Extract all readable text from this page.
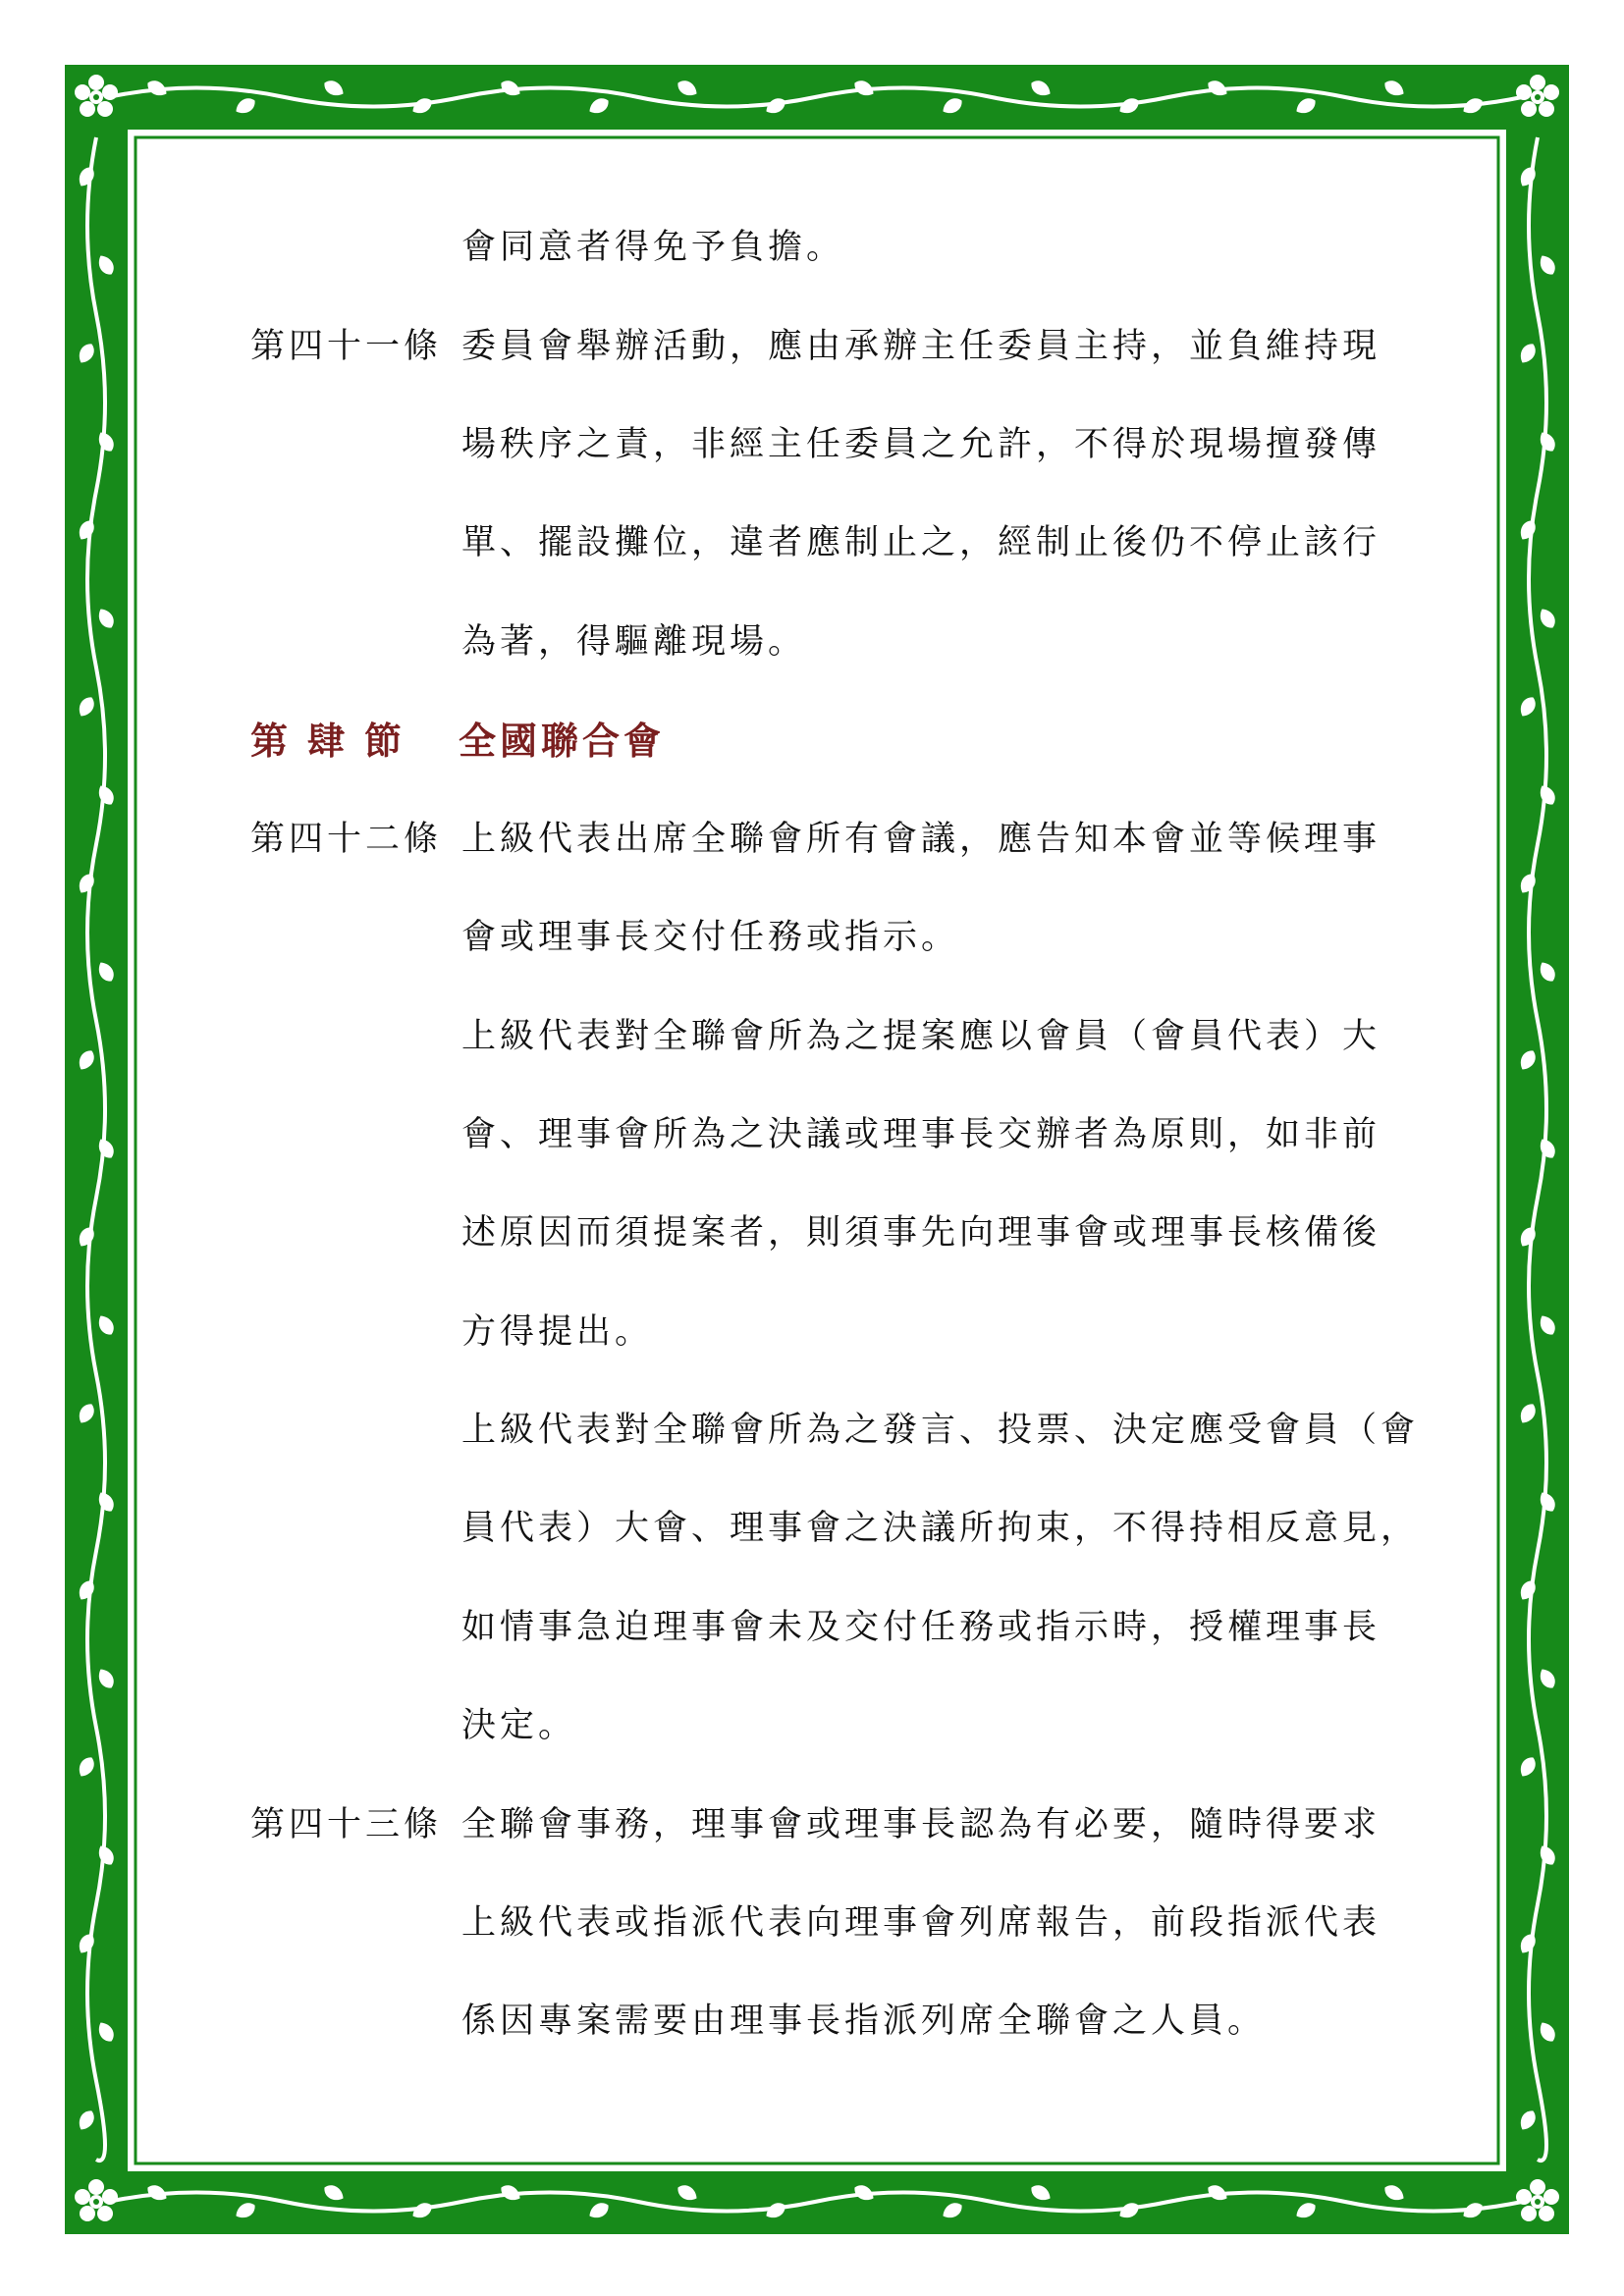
會同意者得免予負擔。
第四十一條 委員會舉辦活動，應由承辦主任委員主持，並負維持現
場秩序之責，非經主任委員之允許，不得於現場擅發傳
單、擺設攤位，違者應制止之，經制止後仍不停止該行
為著，得驅離現場。
第肆節 全國聯合會
第四十二條 上級代表出席全聯會所有會議，應告知本會並等候理事
會或理事長交付任務或指示。
上級代表對全聯會所為之提案應以會員（會員代表）大
會、理事會所為之決議或理事長交辦者為原則，如非前
述原因而須提案者，則須事先向理事會或理事長核備後
方得提出。
上級代表對全聯會所為之發言、投票、決定應受會員（會
員代表）大會、理事會之決議所拘束，不得持相反意見，
如情事急迫理事會未及交付任務或指示時，授權理事長
決定。
第四十三條 全聯會事務，理事會或理事長認為有必要，隨時得要求
上級代表或指派代表向理事會列席報告，前段指派代表
係因專案需要由理事長指派列席全聯會之人員。
